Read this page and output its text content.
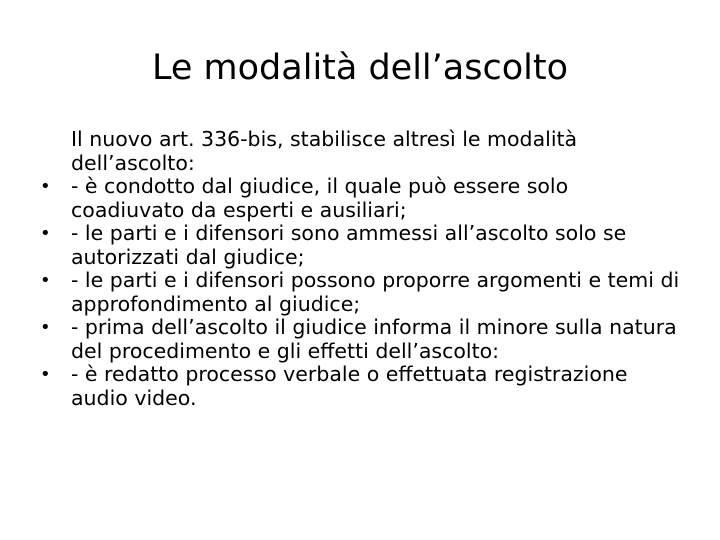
Le modalità dell’ascolto
Il nuovo art. 336-bis, stabilisce altresì le modalità dell’ascolto:
• - è condotto dal giudice, il quale può essere solo coadiuvato da esperti e ausiliari;
• - le parti e i difensori sono ammessi all’ascolto solo se autorizzati dal giudice;
• - le parti e i difensori possono proporre argomenti e temi di approfondimento al giudice;
• - prima dell’ascolto il giudice informa il minore sulla natura del procedimento e gli effetti dell’ascolto:
• - è redatto processo verbale o effettuata registrazione audio video.
